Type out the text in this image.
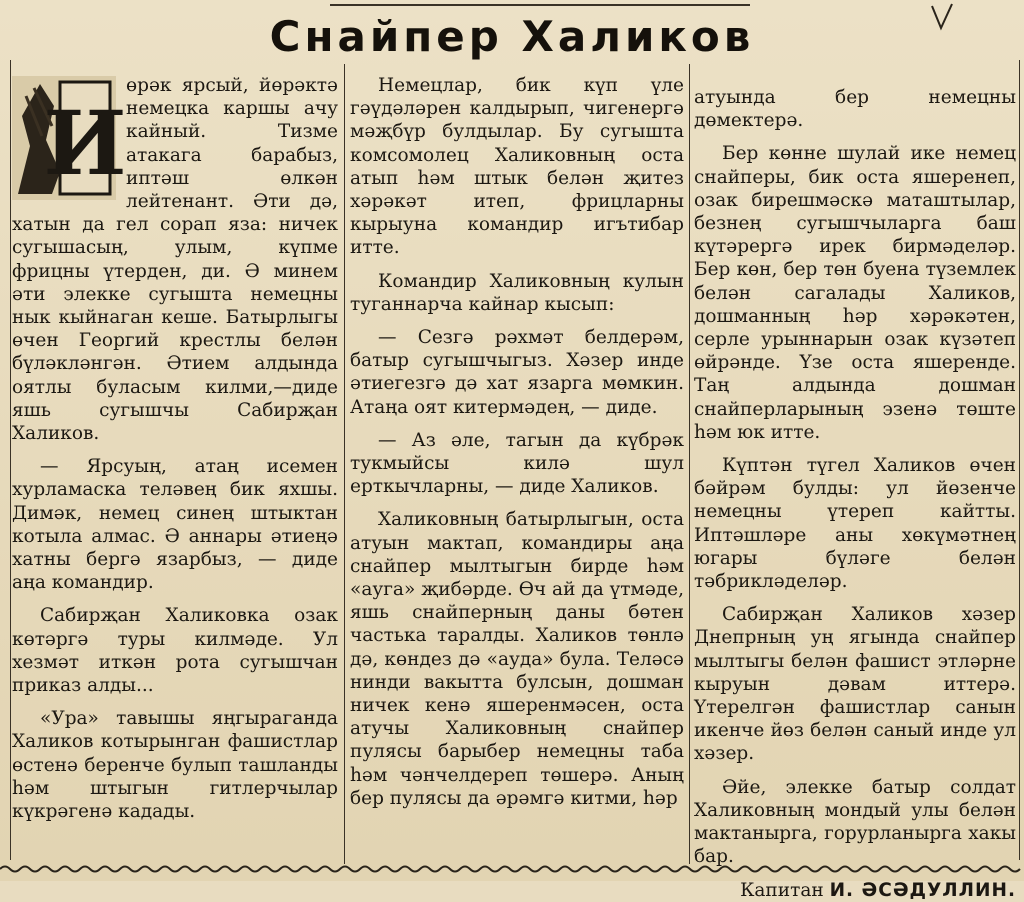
Снайпер Халиков
И

өрәк ярсый, йөрәктә немецка каршы ачу кайный. Тизме атакага барабыз, иптәш өлкән лейтенант. Әти дә, хатын да гел сорап яза: ничек сугышасың, улым, күпме фрицны үтерден, ди. Ә минем әти элекке сугышта немецны нык кыйнаган кеше. Батырлыгы өчен Георгий крестлы белән бүләкләнгән. Әтием алдында оятлы буласым килми,—диде яшь сугышчы Сабирҗан Халиков.

— Ярсуың, атаң исемен хурламаска теләвең бик яхшы. Димәк, немец синең штыктан котыла алмас. Ә аннары әтиеңә хатны бергә язарбыз, — диде аңа командир.

Сабирҗан Халиковка озак көтәргә туры килмәде. Ул хезмәт иткән рота сугышчан приказ алды...

«Ура» тавышы яңгыраганда Халиков котырынган фашистлар өстенә беренче булып ташланды һәм штыгын гитлерчылар күкрәгенә кадады.

Немецлар, бик күп үле гәүдәләрен калдырып, чигенергә мәҗбүр булдылар. Бу сугышта комсомолец Халиковның оста атып һәм штык белән җитез хәрәкәт итеп, фрицларны кырыуна командир игътибар итте.

Командир Халиковның кулын туганнарча кайнар кысып:

— Сезгә рәхмәт белдерәм, батыр сугышчыгыз. Хәзер инде әтиегезгә дә хат язарга мөмкин. Атаңа оят китермәдең, — диде.

— Аз әле, тагын да күбрәк тукмыйсы килә шул ерткычларны, — диде Халиков.

Халиковның батырлыгын, оста атуын мактап, командиры аңа снайпер мылтыгын бирде һәм «ауга» җибәрде. Өч ай да үтмәде, яшь снайперның даны бөтен частька таралды. Халиков төнлә дә, көндез дә «ауда» була. Теләсә нинди вакытта булсын, дошман ничек кенә яшеренмәсен, оста атучы Халиковның снайпер пулясы барыбер немецны таба һәм чәнчелдереп төшерә. Аның бер пулясы да әрәмгә китми, һәр

атуында бер немецны дөмектерә.

Бер көнне шулай ике немец снайперы, бик оста яшеренеп, озак бирешмәскә маташтылар, безнең сугышчыларга баш күтәрергә ирек бирмәделәр. Бер көн, бер төн буена түземлек белән сагалады Халиков, дошманның һәр хәрәкәтен, серле урыннарын озак күзәтеп өйрәнде. Үзе оста яшеренде. Таң алдында дошман снайперларының эзенә төште һәм юк итте.

Күптән түгел Халиков өчен бәйрәм булды: ул йөзенче немецны үтереп кайтты. Иптәшләре аны хөкүмәтнең югары бүләге белән тәбрикләделәр.

Сабирҗан Халиков хәзер Днепрның уң ягында снайпер мылтыгы белән фашист этләрне кыруын дәвам иттерә. Үтерелгән фашистлар санын икенче йөз белән саный инде ул хәзер.

Әйе, элекке батыр солдат Халиковның мондый улы белән мактанырга, горурланырга хакы бар.

Капитан И. ӘСӘДУЛЛИН.
